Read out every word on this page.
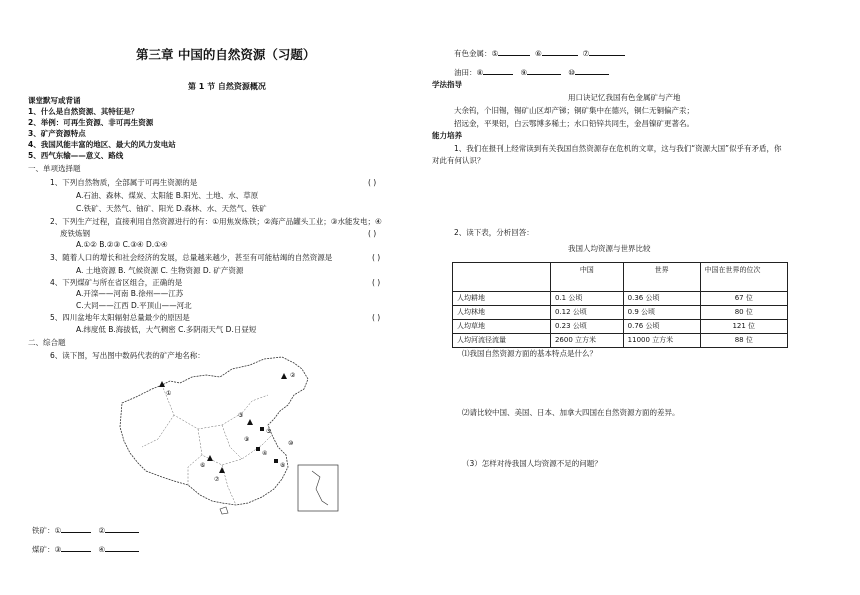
第三章 中国的自然资源（习题）
第 1 节 自然资源概况
课堂默写或背诵
1、什么是自然资源、其特征是？
2、举例：可再生资源、非可再生资源
3、矿产资源特点
4、我国风能丰富的地区、最大的风力发电站
5、西气东输——意义、路线
一、单项选择题
1、下列自然物质，全部属于可再生资源的是	( )
A.石油、森林、煤炭、太阳能 B.阳光、土地、水、草原
C.铁矿、天然气、铀矿、阳光 D.森林、水、天然气、铁矿
2、下列生产过程，直接利用自然资源进行的有：①用焦炭炼铁；②海产品罐头工业；③水能发电；④
废铁炼钢	( )
A.①② B.②③ C.③④ D.①④
3、随着人口的增长和社会经济的发展，总量越来越少，甚至有可能枯竭的自然资源是	( )
A. 土地资源 B. 气候资源 C. 生物资源 D. 矿产资源
4、下列煤矿与所在省区组合，正确的是	( )
A.开滦——河南 B.徐州——江苏
C.大同——江西 D.平顶山——河北
5、四川盆地年太阳辐射总量最少的原因是	( )
A.纬度低 B.海拔低，大气稠密 C.多阴雨天气 D.日昼短
二、综合题
6、读下图，写出图中数码代表的矿产地名称：
铁矿：①	②
煤矿：③	④
①
②
③
④
⑤
⑥
⑦
⑧
⑨
⑩
有色金属：⑤	⑥	⑦
油田：⑧	⑨	⑩
学法指导
用口诀记忆我国有色金属矿与产地
大余钨，个旧锡，锡矿山区却产锑；铜矿集中在德兴，铜仁无铜偏产汞；
招远金，平果铝，白云鄂博多稀土；水口铅锌共同生，金昌镍矿更著名。
能力培养
1、我们在报刊上经常读到有关我国自然资源存在危机的文章，这与我们“资源大国”似乎有矛盾，你
对此有何认识？
2、读下表，分析回答：
我国人均资源与世界比较
	中国	世界	中国在世界的位次
人均耕地	0.1 公顷	0.36 公顷	67 位
人均林地	0.12 公顷	0.9 公顷	80 位
人均草地	0.23 公顷	0.76 公顷	121 位
人均河流径流量	2600 立方米	11000 立方米	88 位
⑴我国自然资源方面的基本特点是什么？
⑵请比较中国、美国、日本、加拿大四国在自然资源方面的差异。
（3）怎样对待我国人均资源不足的问题？
